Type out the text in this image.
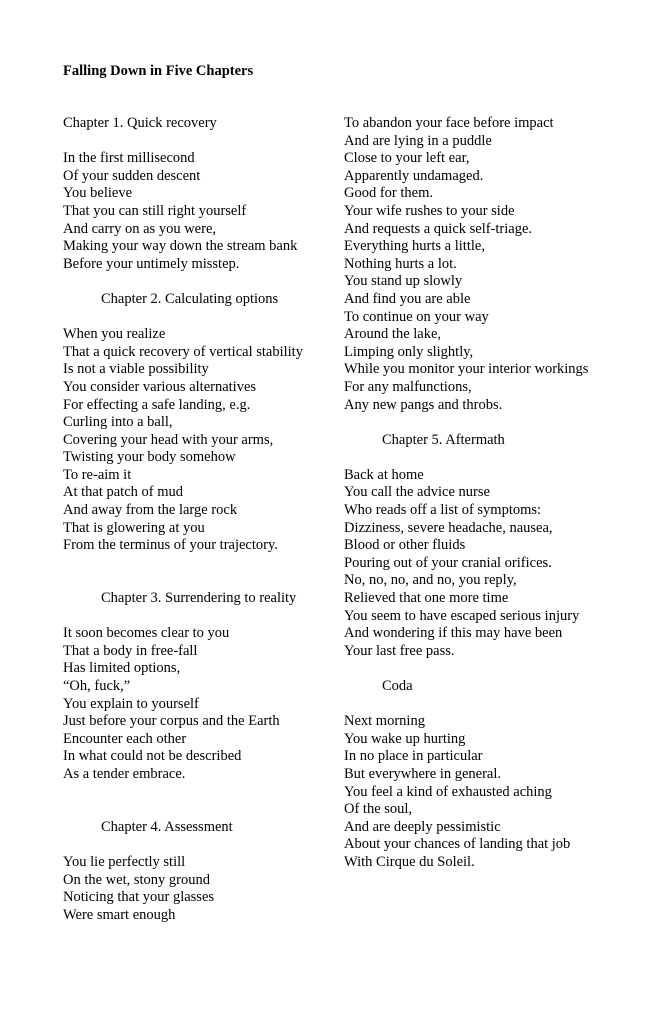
Falling Down in Five Chapters
Chapter 1. Quick recovery
In the first millisecond
Of your sudden descent
You believe
That you can still right yourself
And carry on as you were,
Making your way down the stream bank
Before your untimely misstep.
Chapter 2. Calculating options
When you realize
That a quick recovery of vertical stability
Is not a viable possibility
You consider various alternatives
For effecting a safe landing, e.g.
Curling into a ball,
Covering your head with your arms,
Twisting your body somehow
To re-aim it
At that patch of mud
And away from the large rock
That is glowering at you
From the terminus of your trajectory.
Chapter 3. Surrendering to reality
It soon becomes clear to you
That a body in free-fall
Has limited options,
“Oh, fuck,”
You explain to yourself
Just before your corpus and the Earth
Encounter each other
In what could not be described
As a tender embrace.
Chapter 4. Assessment
You lie perfectly still
On the wet, stony ground
Noticing that your glasses
Were smart enough
To abandon your face before impact
And are lying in a puddle
Close to your left ear,
Apparently undamaged.
Good for them.
Your wife rushes to your side
And requests a quick self-triage.
Everything hurts a little,
Nothing hurts a lot.
You stand up slowly
And find you are able
To continue on your way
Around the lake,
Limping only slightly,
While you monitor your interior workings
For any malfunctions,
Any new pangs and throbs.
Chapter 5. Aftermath
Back at home
You call the advice nurse
Who reads off a list of symptoms:
Dizziness, severe headache, nausea,
Blood or other fluids
Pouring out of your cranial orifices.
No, no, no, and no, you reply,
Relieved that one more time
You seem to have escaped serious injury
And wondering if this may have been
Your last free pass.
Coda
Next morning
You wake up hurting
In no place in particular
But everywhere in general.
You feel a kind of exhausted aching
Of the soul,
And are deeply pessimistic
About your chances of landing that job
With Cirque du Soleil.
